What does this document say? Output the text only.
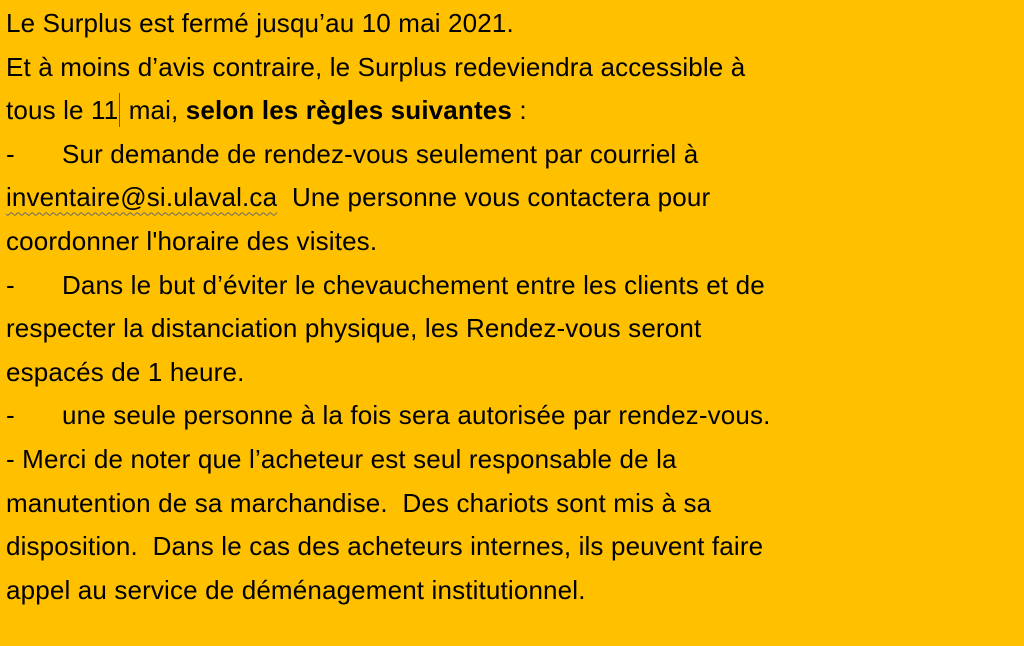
Le Surplus est fermé jusqu’au 10 mai 2021.
Et à moins d’avis contraire, le Surplus redeviendra accessible à
tous le 11 mai, selon les règles suivantes :
- Sur demande de rendez-vous seulement par courriel à
inventaire@si.ulaval.ca  Une personne vous contactera pour
coordonner l'horaire des visites.
- Dans le but d’éviter le chevauchement entre les clients et de
respecter la distanciation physique, les Rendez-vous seront
espacés de 1 heure.
- une seule personne à la fois sera autorisée par rendez-vous.
- Merci de noter que l’acheteur est seul responsable de la
manutention de sa marchandise.  Des chariots sont mis à sa
disposition.  Dans le cas des acheteurs internes, ils peuvent faire
appel au service de déménagement institutionnel.
